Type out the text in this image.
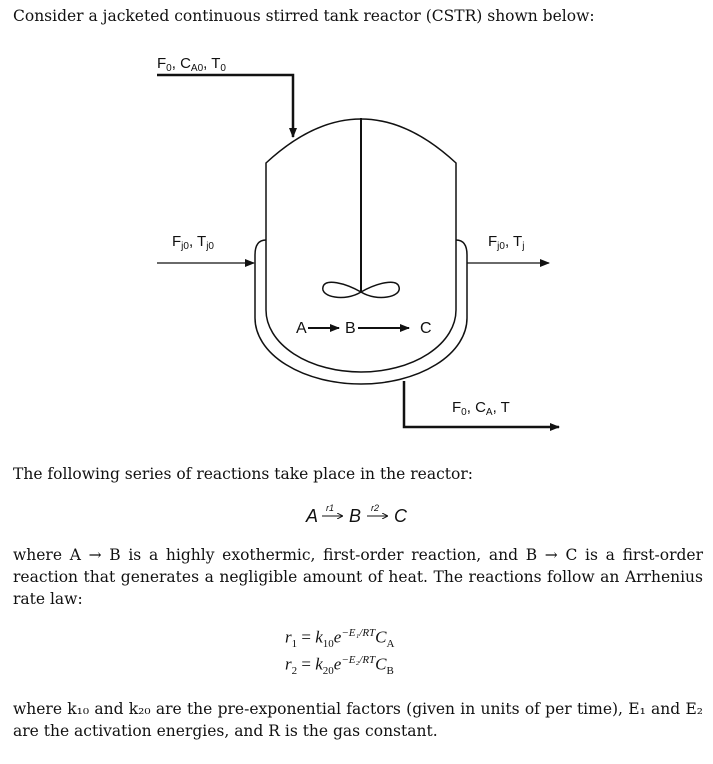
Consider a jacketed continuous stirred tank reactor (CSTR) shown below:
$F_0$, $C_{A0}$, $T_0$
A B	C
$F_{j0}$, $T_{j0}$	$F_{j0}$, $T_j$
$F_0$, $C_A$, T
The following series of reactions take place in the reactor:
A r1 B r2 C
where A → B is a highly exothermic, first-order reaction, and B → C is a first-order reaction that generates a negligible amount of heat. The reactions follow an Arrhenius rate law:
$r_1 = k_{10}e^{-E_1/RT}C_A$
$r_2 = k_{20}e^{-E_2/RT}C_B$
where k₁₀ and k₂₀ are the pre-exponential factors (given in units of per time), E₁ and E₂ are the activation energies, and R is the gas constant.
